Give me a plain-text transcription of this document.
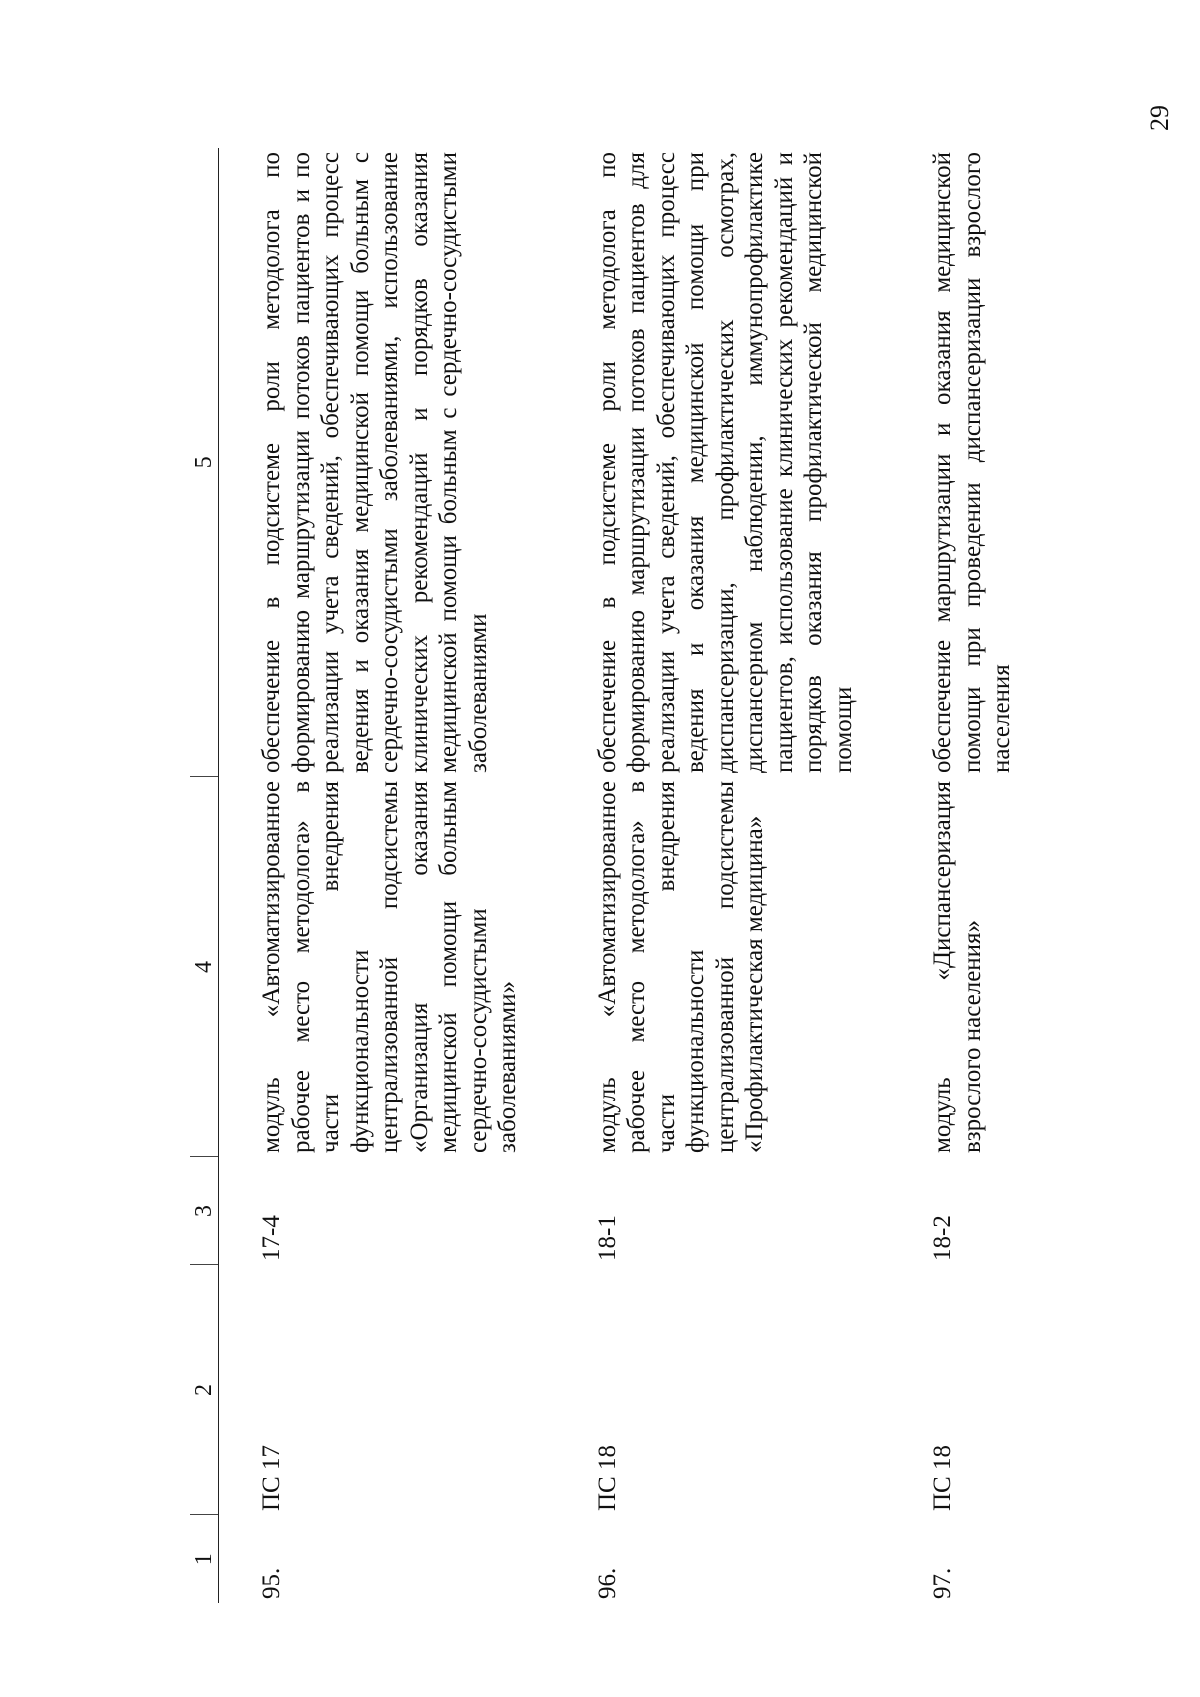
29
1	2	3	4	5
95.	ПС 17	17-4	модуль «Автоматизированное рабочее место методолога» в части внедрения функциональности централизованной подсистемы «Организация оказания медицинской помощи больным сердечно-сосудистыми заболеваниями»	обеспечение в подсистеме роли методолога по формированию маршрутизации потоков пациентов и по реализации учета сведений, обеспечивающих процесс ведения и оказания медицинской помощи больным с сердечно-сосудистыми заболеваниями, использование клинических рекомендаций и порядков оказания медицинской помощи больным с сердечно-сосудистыми заболеваниями
96.	ПС 18	18-1	модуль «Автоматизированное рабочее место методолога» в части внедрения функциональности централизованной подсистемы «Профилактическая медицина»	обеспечение в подсистеме роли методолога по формированию маршрутизации потоков пациентов для реализации учета сведений, обеспечивающих процесс ведения и оказания медицинской помощи при диспансеризации, профилактических осмотрах, диспансерном наблюдении, иммунопрофилактике пациентов, использование клинических рекомендаций и порядков оказания профилактической медицинской помощи
97.	ПС 18	18-2	модуль «Диспансеризация взрослого населения»	обеспечение маршрутизации и оказания медицинской помощи при проведении диспансеризации взрослого населения
